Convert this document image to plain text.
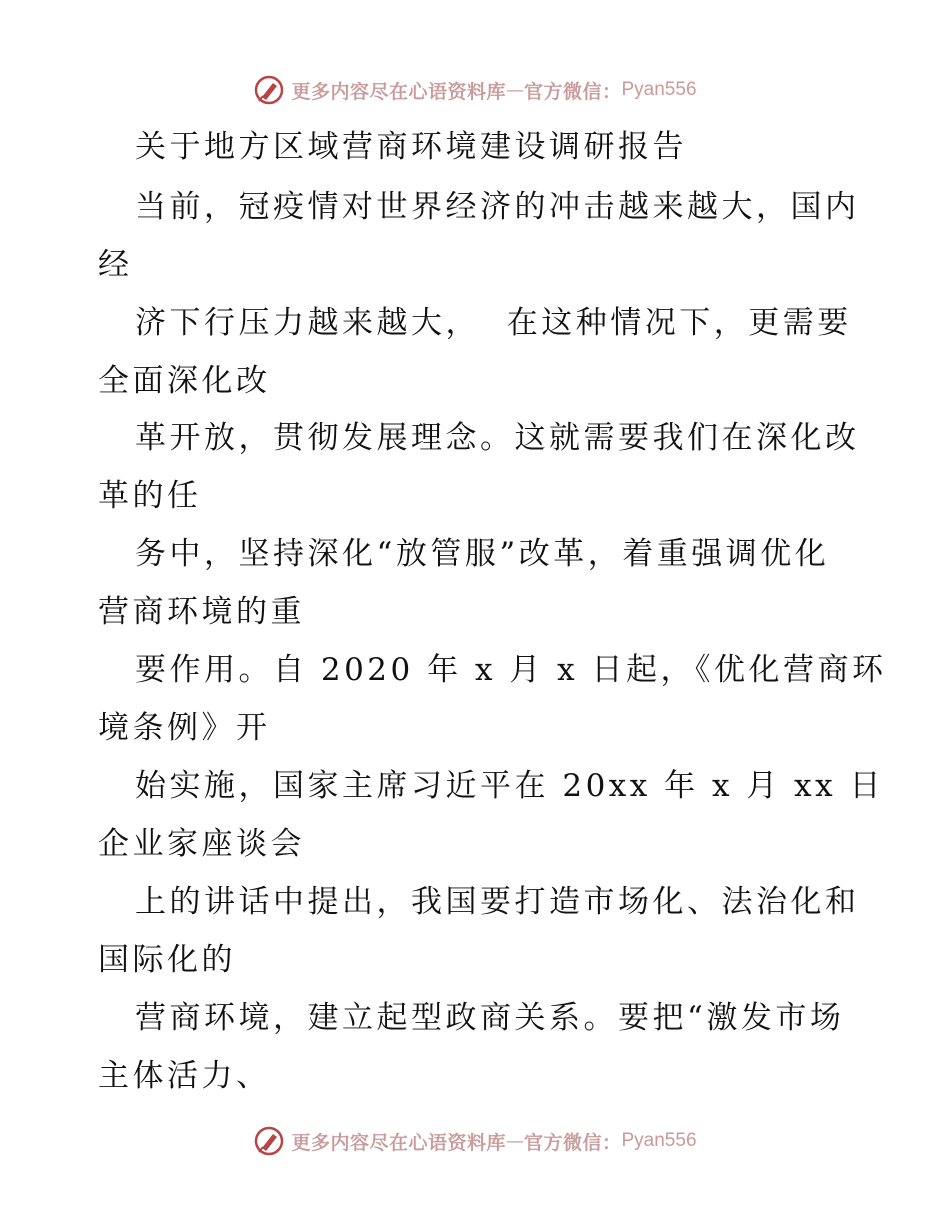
更多内容尽在心语资料库 — 官方微信： Pyan556
关于地方区域营商环境建设调研报告
当前，冠疫情对世界经济的冲击越来越大，国内
经
济下行压力越来越大，  在这种情况下，更需要
全面深化改
革开放，贯彻发展理念。这就需要我们在深化改
革的任
务中，坚持深化“放管服”改革，着重强调优化
营商环境的重
要作用。自 2020 年 x 月 x 日起，《优化营商环
境条例》开
始实施，国家主席习近平在 20xx 年 x 月 xx 日
企业家座谈会
上的讲话中提出，我国要打造市场化、法治化和
国际化的
营商环境，建立起型政商关系。要把“激发市场
主体活力、
更多内容尽在心语资料库 — 官方微信： Pyan556
